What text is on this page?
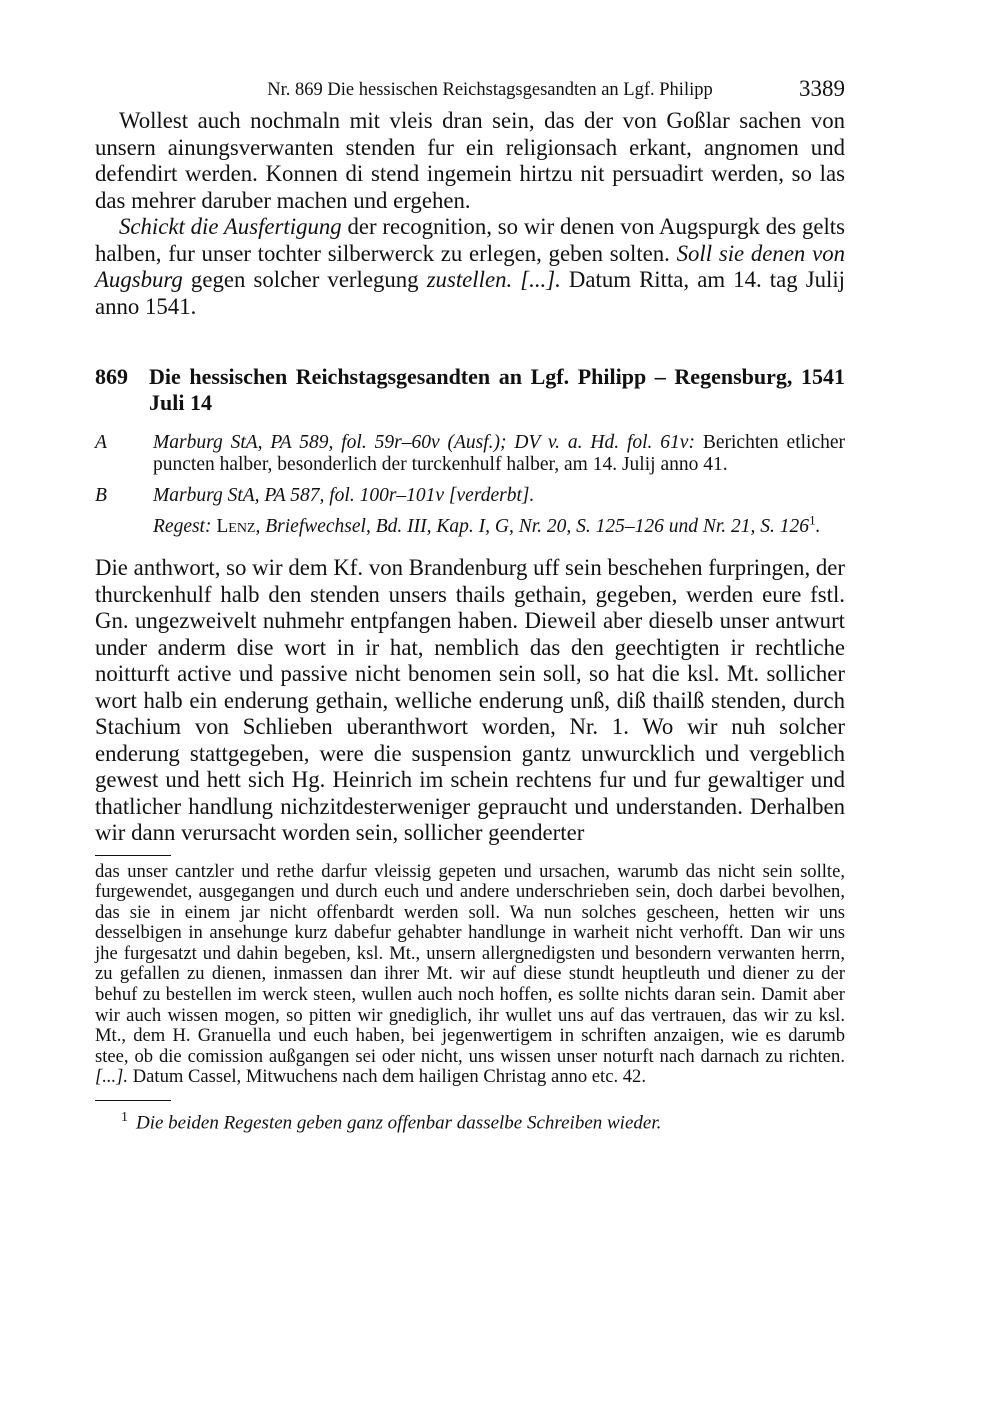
Nr. 869 Die hessischen Reichstagsgesandten an Lgf. Philipp	3389

Wollest auch nochmaln mit vleis dran sein, das der von Goßlar sachen von unsern ainungsverwanten stenden fur ein religionsach erkant, angnomen und defendirt werden. Konnen di stend ingemein hirtzu nit persuadirt werden, so las das mehrer daruber machen und ergehen.

Schickt die Ausfertigung der recognition, so wir denen von Augspurgk des gelts halben, fur unser tochter silberwerck zu erlegen, geben solten. Soll sie denen von Augsburg gegen solcher verlegung zustellen. [...]. Datum Ritta, am 14. tag Julij anno 1541.

869 Die hessischen Reichstagsgesandten an Lgf. Philipp – Regensburg, 1541 Juli 14
A	Marburg StA, PA 589, fol. 59r–60v (Ausf.); DV v. a. Hd. fol. 61v: Berichten etlicher puncten halber, besonderlich der turckenhulf halber, am 14. Julij anno 41.
B	Marburg StA, PA 587, fol. 100r–101v [verderbt].
Regest: Lenz, Briefwechsel, Bd. III, Kap. I, G, Nr. 20, S. 125–126 und Nr. 21, S. 126$^1$.

Die anthwort, so wir dem Kf. von Brandenburg uff sein beschehen furpringen, der thurckenhulf halb den stenden unsers thails gethain, gegeben, werden eure fstl. Gn. ungezweivelt nuhmehr entpfangen haben. Dieweil aber dieselb unser antwurt under anderm dise wort in ir hat, nemblich das den geechtigten ir rechtliche noitturft active und passive nicht benomen sein soll, so hat die ksl. Mt. sollicher wort halb ein enderung gethain, welliche enderung unß, diß thailß stenden, durch Stachium von Schlieben uberanthwort worden, Nr. 1. Wo wir nuh solcher enderung stattgegeben, were die suspension gantz unwurcklich und vergeblich gewest und hett sich Hg. Heinrich im schein rechtens fur und fur gewaltiger und thatlicher handlung nichzitdesterweniger gepraucht und understanden. Derhalben wir dann verursacht worden sein, sollicher geenderter

das unser cantzler und rethe darfur vleissig gepeten und ursachen, warumb das nicht sein sollte, furgewendet, ausgegangen und durch euch und andere underschrieben sein, doch darbei bevolhen, das sie in einem jar nicht offenbardt werden soll. Wa nun solches gescheen, hetten wir uns desselbigen in ansehunge kurz dabefur gehabter handlunge in warheit nicht verhofft. Dan wir uns jhe furgesatzt und dahin begeben, ksl. Mt., unsern allergnedigsten und besondern verwanten herrn, zu gefallen zu dienen, inmassen dan ihrer Mt. wir auf diese stundt heuptleuth und diener zu der behuf zu bestellen im werck steen, wullen auch noch hoffen, es sollte nichts daran sein. Damit aber wir auch wissen mogen, so pitten wir gnediglich, ihr wullet uns auf das vertrauen, das wir zu ksl. Mt., dem H. Granuella und euch haben, bei jegenwertigem in schriften anzaigen, wie es darumb stee, ob die comission außgangen sei oder nicht, uns wissen unser noturft nach darnach zu richten. [...]. Datum Cassel, Mitwuchens nach dem hailigen Christag anno etc. 42.

$^1$ Die beiden Regesten geben ganz offenbar dasselbe Schreiben wieder.
